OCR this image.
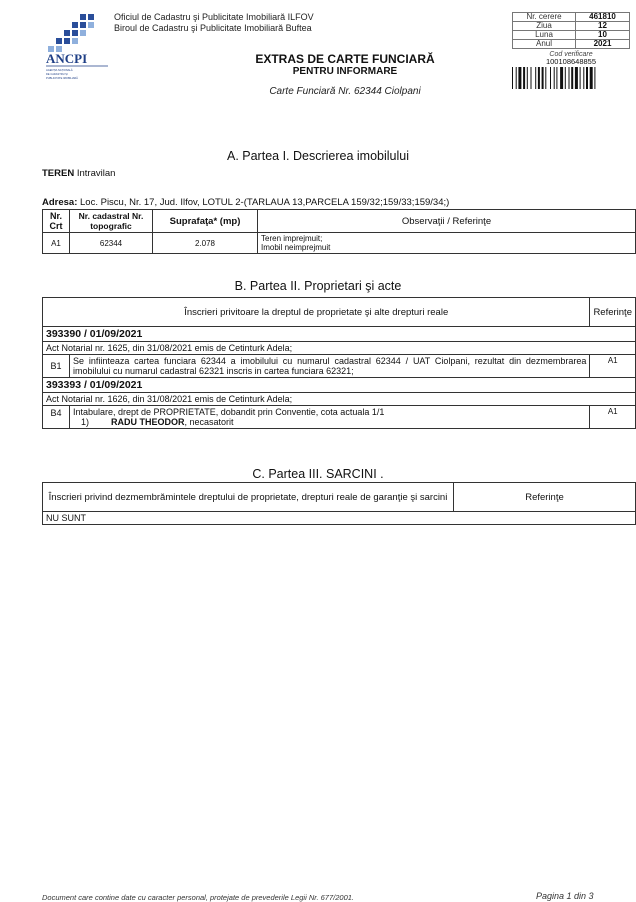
ANCPI
AGENȚIA NAȚIONALĂ
DE CADASTRU ȘI
PUBLICITATE IMOBILIARĂ
Oficiul de Cadastru şi Publicitate Imobiliară ILFOV
Biroul de Cadastru şi Publicitate Imobiliară Buftea
EXTRAS DE CARTE FUNCIARĂ
PENTRU INFORMARE
Carte Funciară Nr. 62344 Ciolpani
Nr. cerere	461810
Ziua	12
Luna	10
Anul	2021
Cod verificare
100108648855
A. Partea I. Descrierea imobilului
TEREN Intravilan
Adresa: Loc. Piscu, Nr. 17, Jud. Ilfov, LOTUL 2-(TARLAUA 13,PARCELA 159/32;159/33;159/34;)
Nr. Crt	Nr. cadastral Nr. topografic	Suprafaţa* (mp)	Observaţii / Referinţe
A1	62344	2.078	Teren imprejmuit;
Imobil neimprejmuit
B. Partea II. Proprietari şi acte
Înscrieri privitoare la dreptul de proprietate şi alte drepturi reale		Referinţe
393390 / 01/09/2021		
Act Notarial nr. 1625, din 31/08/2021 emis de Cetinturk Adela;		
B1	Se infiinteaza cartea funciara 62344 a imobilului cu numarul cadastral 62344 / UAT Ciolpani, rezultat din dezmembrarea imobilului cu numarul cadastral 62321 inscris in cartea funciara 62321;	A1
393393 / 01/09/2021		
Act Notarial nr. 1626, din 31/08/2021 emis de Cetinturk Adela;		
B4	Intabulare, drept de PROPRIETATE, dobandit prin Conventie, cota actuala 1/1
1) RADU THEODOR, necasatorit	A1
C. Partea III. SARCINI .
Înscrieri privind dezmembrămintele dreptului de proprietate, drepturi reale de garanţie şi sarcini	Referinţe
NU SUNT
Document care contine date cu caracter personal, protejate de prevederile Legii Nr. 677/2001.	Pagina 1 din 3
